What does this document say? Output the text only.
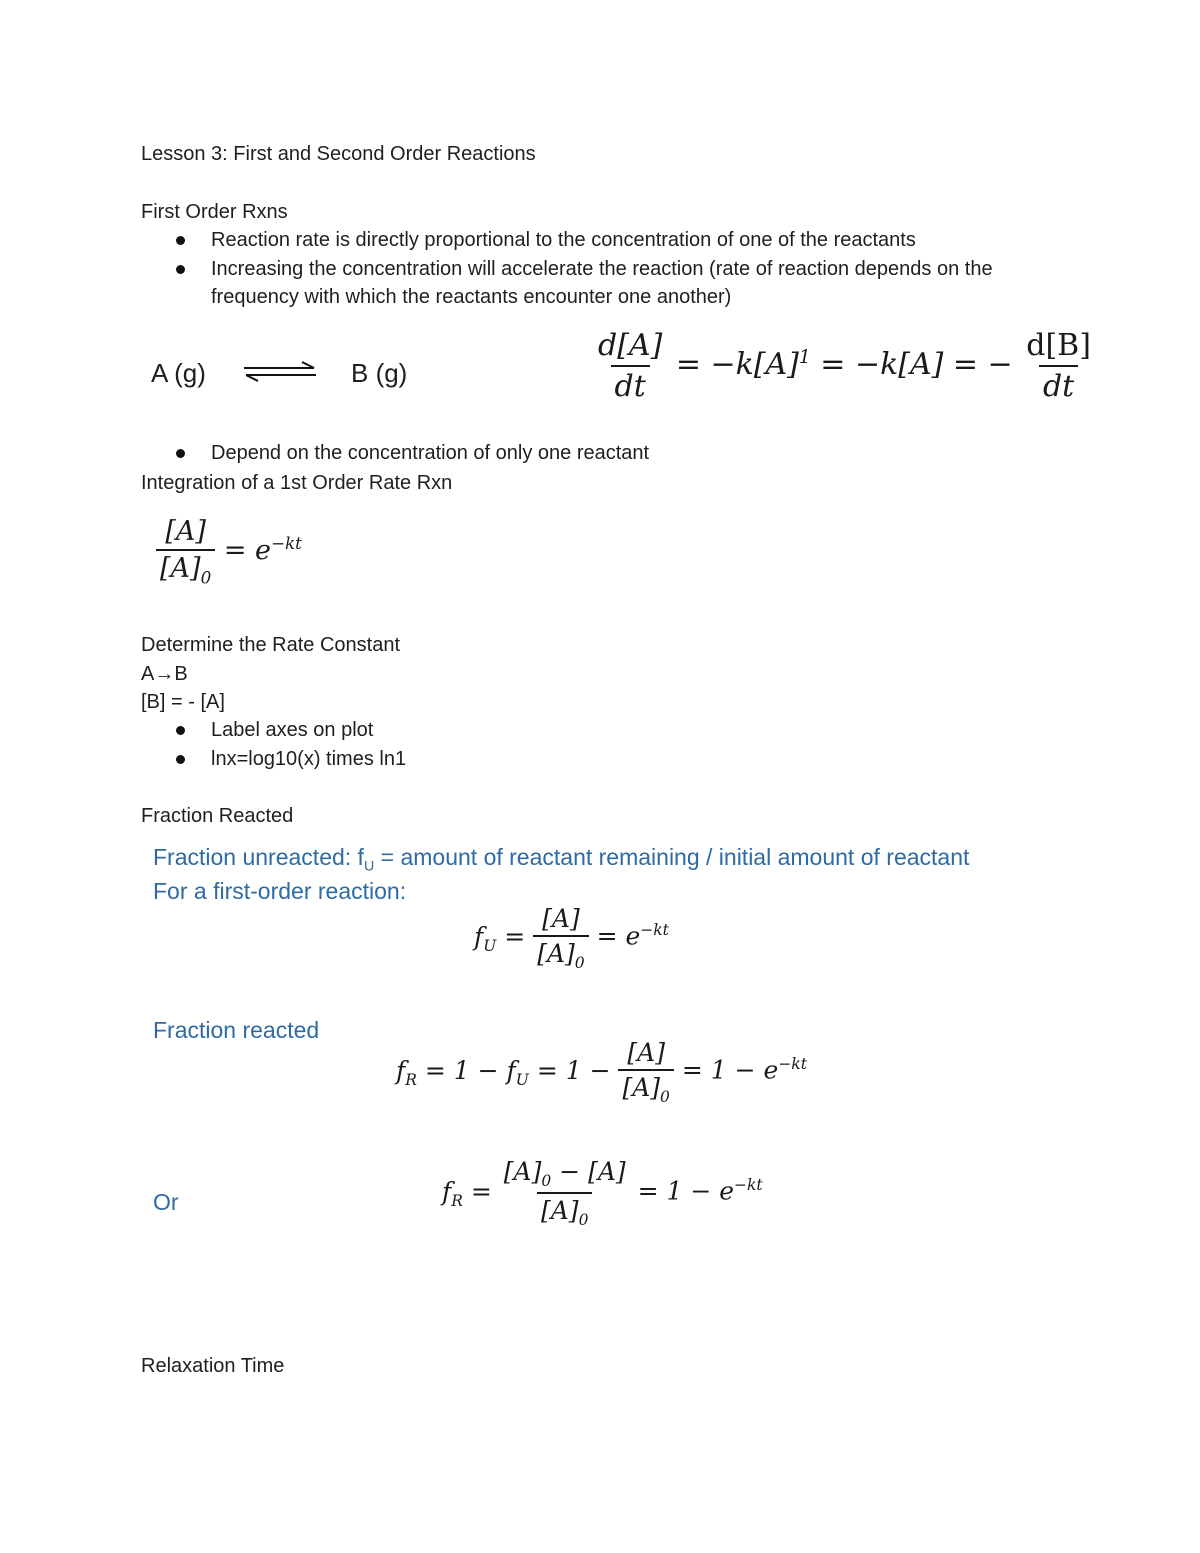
Lesson 3: First and Second Order Reactions
First Order Rxns
Reaction rate is directly proportional to the concentration of one of the reactants
Increasing the concentration will accelerate the reaction (rate of reaction depends on the
frequency with which the reactants encounter one another)
A (g)	B (g)	$\frac{d[A]}{dt} = -k[A]^1 = -k[A]$ = − $\frac{d[B]}{dt}$
Depend on the concentration of only one reactant
Integration of a 1st Order Rate Rxn
$\frac{[A]}{[A]_0} = e^{-kt}$
Determine the Rate Constant
A→B
[B] = - [A]
Label axes on plot
lnx=log10(x) times ln1
Fraction Reacted
Fraction unreacted: $f_U$ = amount of reactant remaining / initial amount of reactant
For a first-order reaction:
$f_U = \frac{[A]}{[A]_0} = e^{-kt}$
Fraction reacted
$f_R = 1 - f_U = 1 - \frac{[A]}{[A]_0} = 1 - e^{-kt}$
Or	$f_R = \frac{[A]_0 - [A]}{[A]_0} = 1 - e^{-kt}$
Relaxation Time
